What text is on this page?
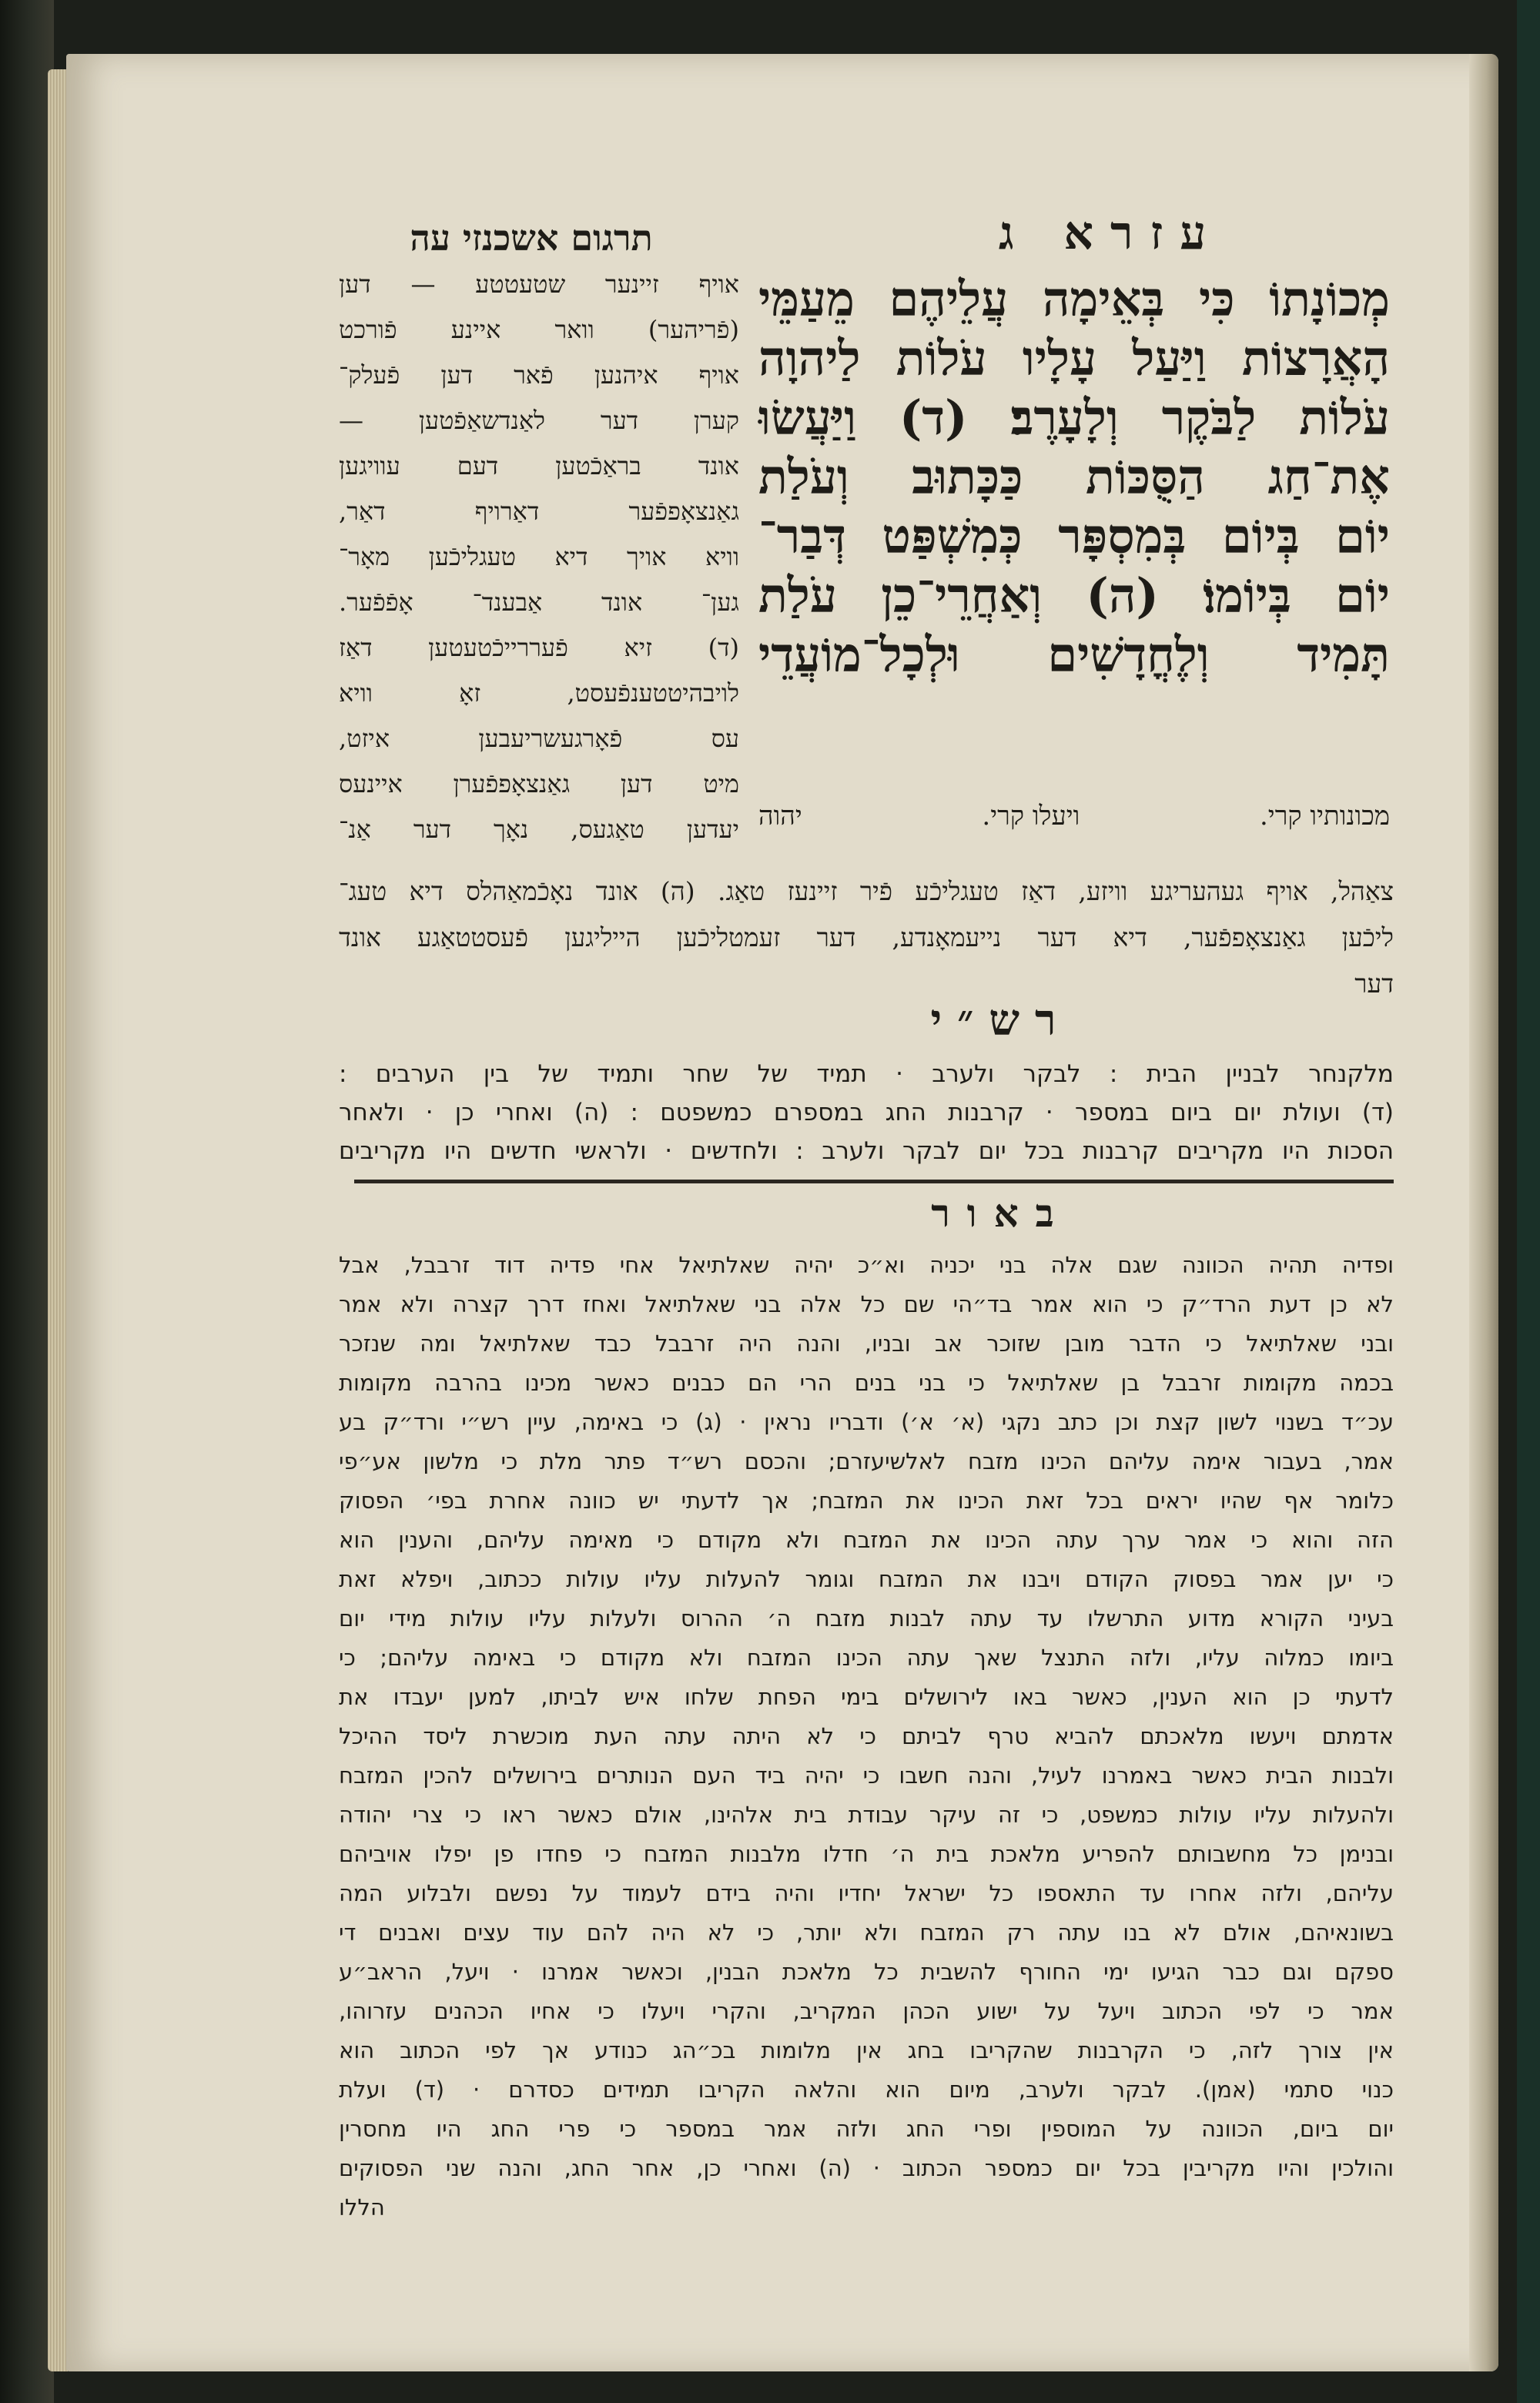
עזרא ג
תרגום אשכנזי עה
מְכוֹנָתוֹ כִּי בְּאֵימָה עֲלֵיהֶם מֵעַמֵּי
הָאֲרָצוֹת וַיַּעַל עָלָיו עֹלוֹת לַיהוָה
עֹלוֹת לַבֹּקֶר וְלָעָרֶב׃ (ד) וַיַּעֲשׂוּ
אֶת־חַג הַסֻּכּוֹת כַּכָּתוּב וְעֹלַת
יוֹם בְּיוֹם בְּמִסְפָּר כְּמִשְׁפַּט דְּבַר־
יוֹם בְּיוֹמוֹ׃ (ה) וְאַחֲרֵי־כֵן עֹלַת
תָּמִיד וְלֶחֳדָשִׁים וּלְכָל־מוֹעֲדֵי
מכונותיו קרי.
ויעלו קרי.
יהוה
אויף זיינער שטעטטע — דען
(פֿריהער) וואר איינע פֿורכט
אויף איהנען פֿאר דען פֿעלק־
קערן דער לאַנדשאַפֿטען —
אונד בראַכֿטען דעם עוויגען
גאַנצאָפפֿער דאַרויף דאַר,
וויא אויך דיא טעגליכֿען מאָר־
גען־ אונד אַבענד־ אָפֿפֿער.
(ד) זיא פֿעררייכֿטעטען דאַז
לויבהיטטענפֿעסט, זאָ וויא
עס פֿאָרגעשריעבען איזט,
מיט דען גאַנצאָפפֿערן איינעס
יעדען טאַגעס, נאָך דער אַנ־
צאַהל, אויף געהעריגע וויזע, דאַז טעגליכֿע פֿיר זיינעז טאַג. (ה) אונד נאָכֿמאַהלס דיא טעג־
ליכֿען גאַנצאָפפֿער, דיא דער נייעמאָנדע, דער זעמטליכֿען הייליגען פֿעסטטאַגע אונד
דער
רש״י
מלקנחר לבניין הבית : לבקר ולערב · תמיד של שחר ותמיד של בין הערבים :
(ד) ועולת יום ביום במספר · קרבנות החג במספרם כמשפטם : (ה) ואחרי כן · ולאחר
הסכות היו מקריבים קרבנות בכל יום לבקר ולערב : ולחדשים · ולראשי חדשים היו מקריבים
באור
ופדיה תהיה הכוונה שגם אלה בני יכניה וא״כ יהיה שאלתיאל אחי פדיה דוד זרבבל, אבל
לא כן דעת הרד״ק כי הוא אמר בד״הי שם כל אלה בני שאלתיאל ואחז דרך קצרה ולא אמר
ובני שאלתיאל כי הדבר מובן שזוכר אב ובניו, והנה היה זרבבל כבד שאלתיאל ומה שנזכר
בכמה מקומות זרבבל בן שאלתיאל כי בני בנים הרי הם כבנים כאשר מכינו בהרבה מקומות
עכ״ד בשנוי לשון קצת וכן כתב נקגי (א׳ א׳) ודבריו נראין · (ג) כי באימה, עיין רש״י ורד״ק בע
אמר, בעבור אימה עליהם הכינו מזבח לאלשיעזרם; והכסם רש״ד פתר מלת כי מלשון אע״פי
כלומר אף שהיו יראים בכל זאת הכינו את המזבח; אך לדעתי יש כוונה אחרת בפי׳ הפסוק
הזה והוא כי אמר ערך עתה הכינו את המזבח ולא מקודם כי מאימה עליהם, והענין הוא
כי יען אמר בפסוק הקודם ויבנו את המזבח וגומר להעלות עליו עולות ככתוב, ויפלא זאת
בעיני הקורא מדוע התרשלו עד עתה לבנות מזבח ה׳ ההרוס ולעלות עליו עולות מידי יום
ביומו כמלוה עליו, ולזה התנצל שאך עתה הכינו המזבח ולא מקודם כי באימה עליהם; כי
לדעתי כן הוא הענין, כאשר באו לירושלים בימי הפחת שלחו איש לביתו, למען יעבדו את
אדמתם ויעשו מלאכתם להביא טרף לביתם כי לא היתה עתה העת מוכשרת ליסד ההיכל
ולבנות הבית כאשר באמרנו לעיל, והנה חשבו כי יהיה ביד העם הנותרים בירושלים להכין המזבח
ולהעלות עליו עולות כמשפט, כי זה עיקר עבודת בית אלהינו, אולם כאשר ראו כי צרי יהודה
ובנימן כל מחשבותם להפריע מלאכת בית ה׳ חדלו מלבנות המזבח כי פחדו פן יפלו אויביהם
עליהם, ולזה אחרו עד התאספו כל ישראל יחדיו והיה בידם לעמוד על נפשם ולבלוע המה
בשונאיהם, אולם לא בנו עתה רק המזבח ולא יותר, כי לא היה להם עוד עצים ואבנים די
ספקם וגם כבר הגיעו ימי החורף להשבית כל מלאכת הבנין, וכאשר אמרנו · ויעל, הראב״ע
אמר כי לפי הכתוב ויעל על ישוע הכהן המקריב, והקרי ויעלו כי אחיו הכהנים עזרוהו,
אין צורך לזה, כי הקרבנות שהקריבו בחג אין מלומות בכ״הג כנודע אך לפי הכתוב הוא
כנוי סתמי (אמן). לבקר ולערב, מיום הוא והלאה הקריבו תמידים כסדרם · (ד) ועלת
יום ביום, הכוונה על המוספין ופרי החג ולזה אמר במספר כי פרי החג היו מחסרין
והולכין והיו מקריבין בכל יום כמספר הכתוב · (ה) ואחרי כן, אחר החג, והנה שני הפסוקים
הללו
